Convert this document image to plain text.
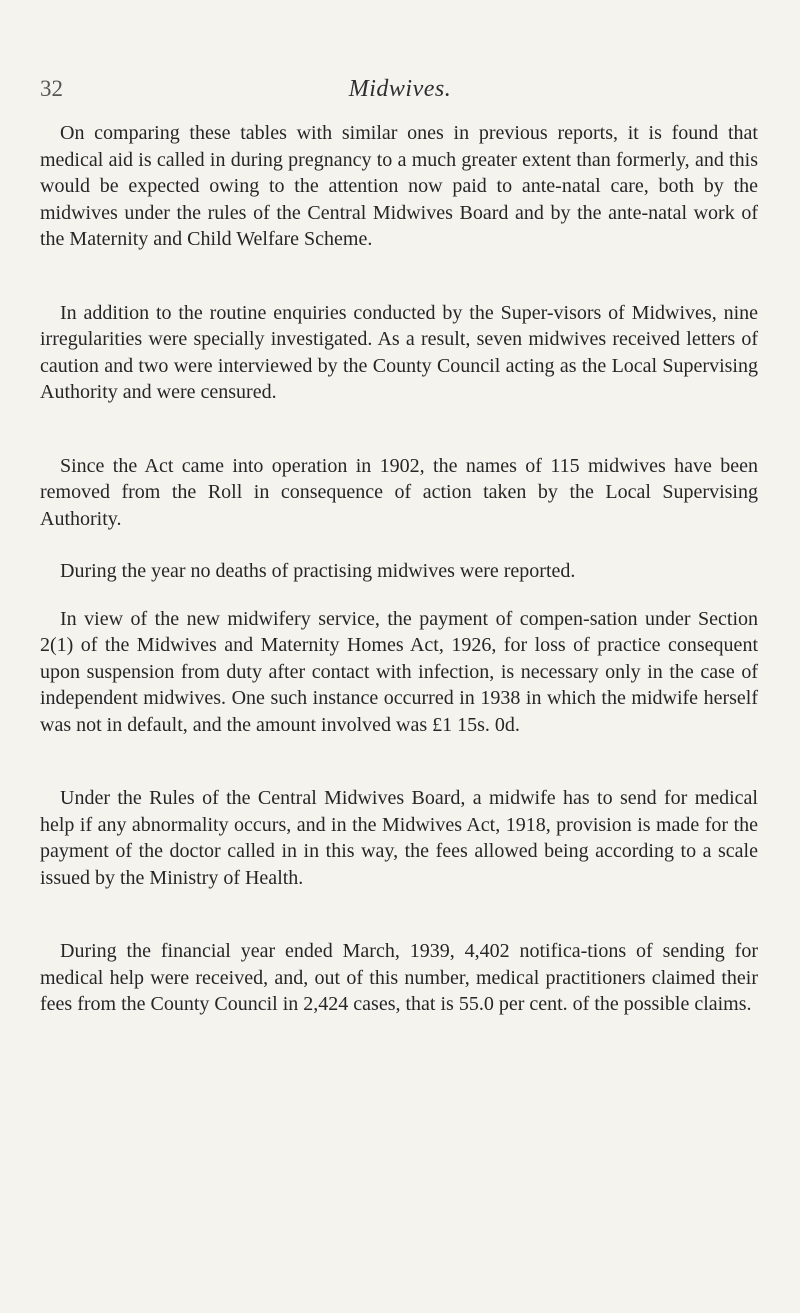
32	Midwives.

On comparing these tables with similar ones in previous reports, it is found that medical aid is called in during pregnancy to a much greater extent than formerly, and this would be expected owing to the attention now paid to ante-natal care, both by the midwives under the rules of the Central Midwives Board and by the ante-natal work of the Maternity and Child Welfare Scheme.

In addition to the routine enquiries conducted by the Super-visors of Midwives, nine irregularities were specially investigated. As a result, seven midwives received letters of caution and two were interviewed by the County Council acting as the Local Supervising Authority and were censured.

Since the Act came into operation in 1902, the names of 115 midwives have been removed from the Roll in consequence of action taken by the Local Supervising Authority.

During the year no deaths of practising midwives were reported.

In view of the new midwifery service, the payment of compen-sation under Section 2(1) of the Midwives and Maternity Homes Act, 1926, for loss of practice consequent upon suspension from duty after contact with infection, is necessary only in the case of independent midwives. One such instance occurred in 1938 in which the midwife herself was not in default, and the amount involved was £1 15s. 0d.

Under the Rules of the Central Midwives Board, a midwife has to send for medical help if any abnormality occurs, and in the Midwives Act, 1918, provision is made for the payment of the doctor called in in this way, the fees allowed being according to a scale issued by the Ministry of Health.

During the financial year ended March, 1939, 4,402 notifica-tions of sending for medical help were received, and, out of this number, medical practitioners claimed their fees from the County Council in 2,424 cases, that is 55.0 per cent. of the possible claims.
